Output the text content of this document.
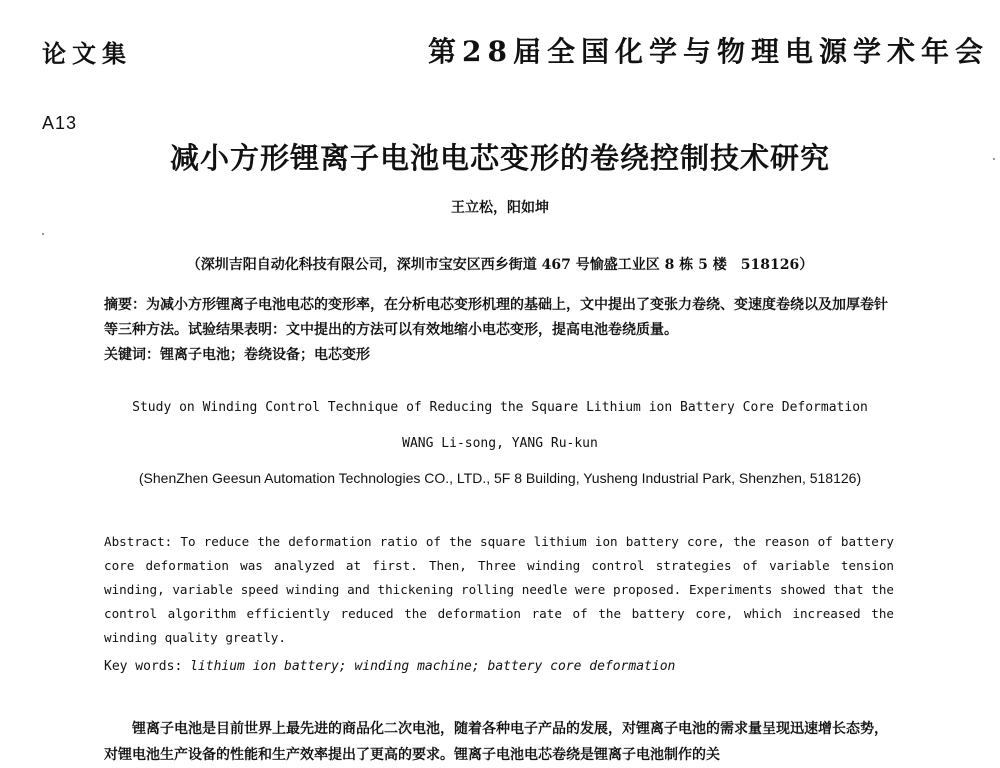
论文集	第28届全国化学与物理电源学术年会
A13
减小方形锂离子电池电芯变形的卷绕控制技术研究
王立松，阳如坤
（深圳吉阳自动化科技有限公司，深圳市宝安区西乡街道 467 号愉盛工业区 8 栋 5 楼　518126）
摘要：为减小方形锂离子电池电芯的变形率，在分析电芯变形机理的基础上，文中提出了变张力卷绕、变速度卷绕以及加厚卷针等三种方法。试验结果表明：文中提出的方法可以有效地缩小电芯变形，提高电池卷绕质量。
关键词：锂离子电池；卷绕设备；电芯变形
Study on Winding Control Technique of Reducing the Square Lithium ion Battery Core Deformation
WANG Li-song, YANG Ru-kun
(ShenZhen Geesun Automation Technologies CO., LTD., 5F 8 Building, Yusheng Industrial Park, Shenzhen, 518126)
Abstract: To reduce the deformation ratio of the square lithium ion battery core, the reason of battery core deformation was analyzed at first. Then, Three winding control strategies of variable tension winding, variable speed winding and thickening rolling needle were proposed. Experiments showed that the control algorithm efficiently reduced the deformation rate of the battery core, which increased the winding quality greatly.
Key words: lithium ion battery; winding machine; battery core deformation
锂离子电池是目前世界上最先进的商品化二次电池，随着各种电子产品的发展，对锂离子电池的需求量呈现迅速增长态势，对锂电池生产设备的性能和生产效率提出了更高的要求。锂离子电池电芯卷绕是锂离子电池制作的关
